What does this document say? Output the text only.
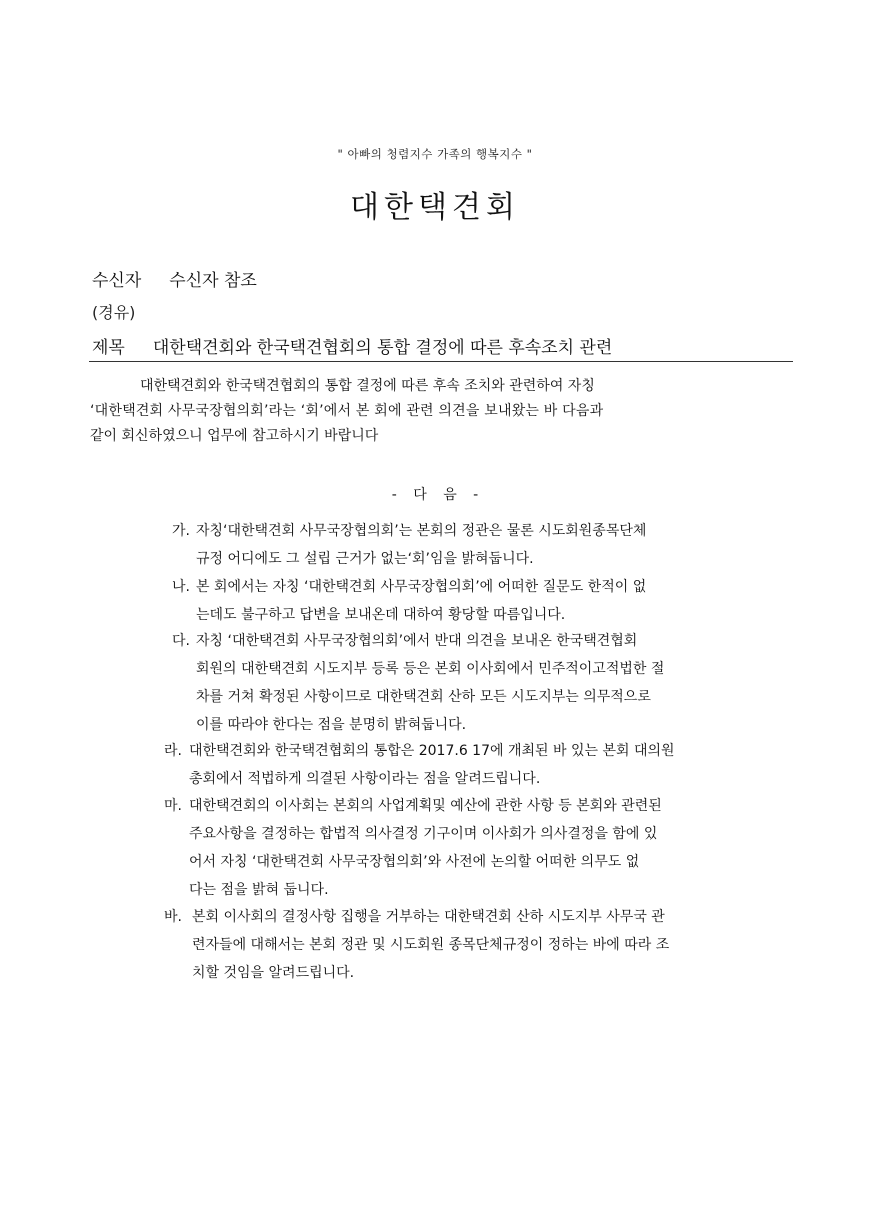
" 아빠의 청렴지수 가족의 행복지수 "
대한택견회
수신자 수신자 참조
(경유)
제목 대한택견회와 한국택견협회의 통합 결정에 따른 후속조치 관련
대한택견회와 한국택견협회의 통합 결정에 따른 후속 조치와 관련하여 자칭
‘대한택견회 사무국장협의회’라는 ‘회’에서 본 회에 관련 의견을 보내왔는 바 다음과
같이 회신하였으니 업무에 참고하시기 바랍니다
- 다 음 -
가. 자칭‘대한택견회 사무국장협의회’는 본회의 정관은 물론 시도회원종목단체
규정 어디에도 그 설립 근거가 없는‘회’임을 밝혀둡니다.
나. 본 회에서는 자칭 ‘대한택견회 사무국장협의회’에 어떠한 질문도 한적이 없
는데도 불구하고 답변을 보내온데 대하여 황당할 따름입니다.
다. 자칭 ‘대한택견회 사무국장협의회’에서 반대 의견을 보내온 한국택견협회
회원의 대한택견회 시도지부 등록 등은 본회 이사회에서 민주적이고적법한 절
차를 거쳐 확정된 사항이므로 대한택견회 산하 모든 시도지부는 의무적으로
이를 따라야 한다는 점을 분명히 밝혀둡니다.
라. 대한택견회와 한국택견협회의 통합은 2017.6 17에 개최된 바 있는 본회 대의원
총회에서 적법하게 의결된 사항이라는 점을 알려드립니다.
마. 대한택견회의 이사회는 본회의 사업계획및 예산에 관한 사항 등 본회와 관련된
주요사항을 결정하는 합법적 의사결정 기구이며 이사회가 의사결정을 함에 있
어서 자칭 ‘대한택견회 사무국장협의회’와 사전에 논의할 어떠한 의무도 없
다는 점을 밝혀 둡니다.
바. 본회 이사회의 결정사항 집행을 거부하는 대한택견회 산하 시도지부 사무국 관
련자들에 대해서는 본회 정관 및 시도회원 종목단체규정이 정하는 바에 따라 조
치할 것임을 알려드립니다.
